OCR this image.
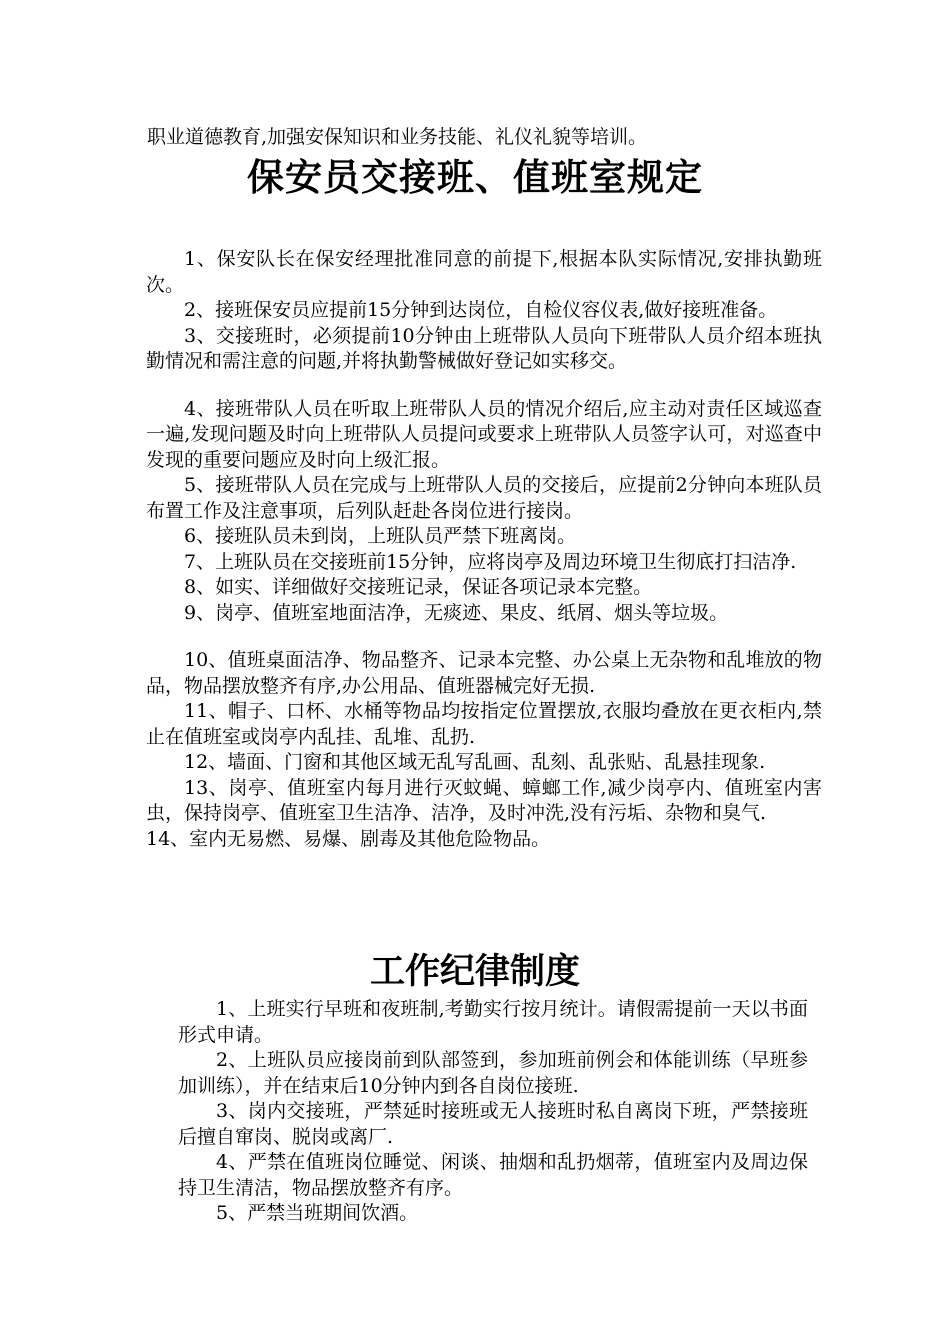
职业道德教育,加强安保知识和业务技能、礼仪礼貌等培训。
保安员交接班、值班室规定

1、保安队长在保安经理批准同意的前提下,根据本队实际情况,安排执勤班次。

2、接班保安员应提前15分钟到达岗位，自检仪容仪表,做好接班准备。

3、交接班时，必须提前10分钟由上班带队人员向下班带队人员介绍本班执勤情况和需注意的问题,并将执勤警械做好登记如实移交。

4、接班带队人员在听取上班带队人员的情况介绍后,应主动对责任区域巡查一遍,发现问题及时向上班带队人员提问或要求上班带队人员签字认可，对巡查中发现的重要问题应及时向上级汇报。

5、接班带队人员在完成与上班带队人员的交接后，应提前2分钟向本班队员布置工作及注意事项，后列队赶赴各岗位进行接岗。

6、接班队员未到岗，上班队员严禁下班离岗。

7、上班队员在交接班前15分钟，应将岗亭及周边环境卫生彻底打扫洁净.

8、如实、详细做好交接班记录，保证各项记录本完整。

9、岗亭、值班室地面洁净，无痰迹、果皮、纸屑、烟头等垃圾。

10、值班桌面洁净、物品整齐、记录本完整、办公桌上无杂物和乱堆放的物品，物品摆放整齐有序,办公用品、值班器械完好无损.

11、帽子、口杯、水桶等物品均按指定位置摆放,衣服均叠放在更衣柜内,禁止在值班室或岗亭内乱挂、乱堆、乱扔.

12、墙面、门窗和其他区域无乱写乱画、乱刻、乱张贴、乱悬挂现象.

13、岗亭、值班室内每月进行灭蚊蝇、蟑螂工作,减少岗亭内、值班室内害虫，保持岗亭、值班室卫生洁净、洁净，及时冲洗,没有污垢、杂物和臭气.

14、室内无易燃、易爆、剧毒及其他危险物品。

工作纪律制度

1、上班实行早班和夜班制,考勤实行按月统计。请假需提前一天以书面形式申请。

2、上班队员应接岗前到队部签到，参加班前例会和体能训练（早班参加训练），并在结束后10分钟内到各自岗位接班.

3、岗内交接班，严禁延时接班或无人接班时私自离岗下班，严禁接班后擅自窜岗、脱岗或离厂.

4、严禁在值班岗位睡觉、闲谈、抽烟和乱扔烟蒂，值班室内及周边保持卫生清洁，物品摆放整齐有序。

5、严禁当班期间饮酒。
